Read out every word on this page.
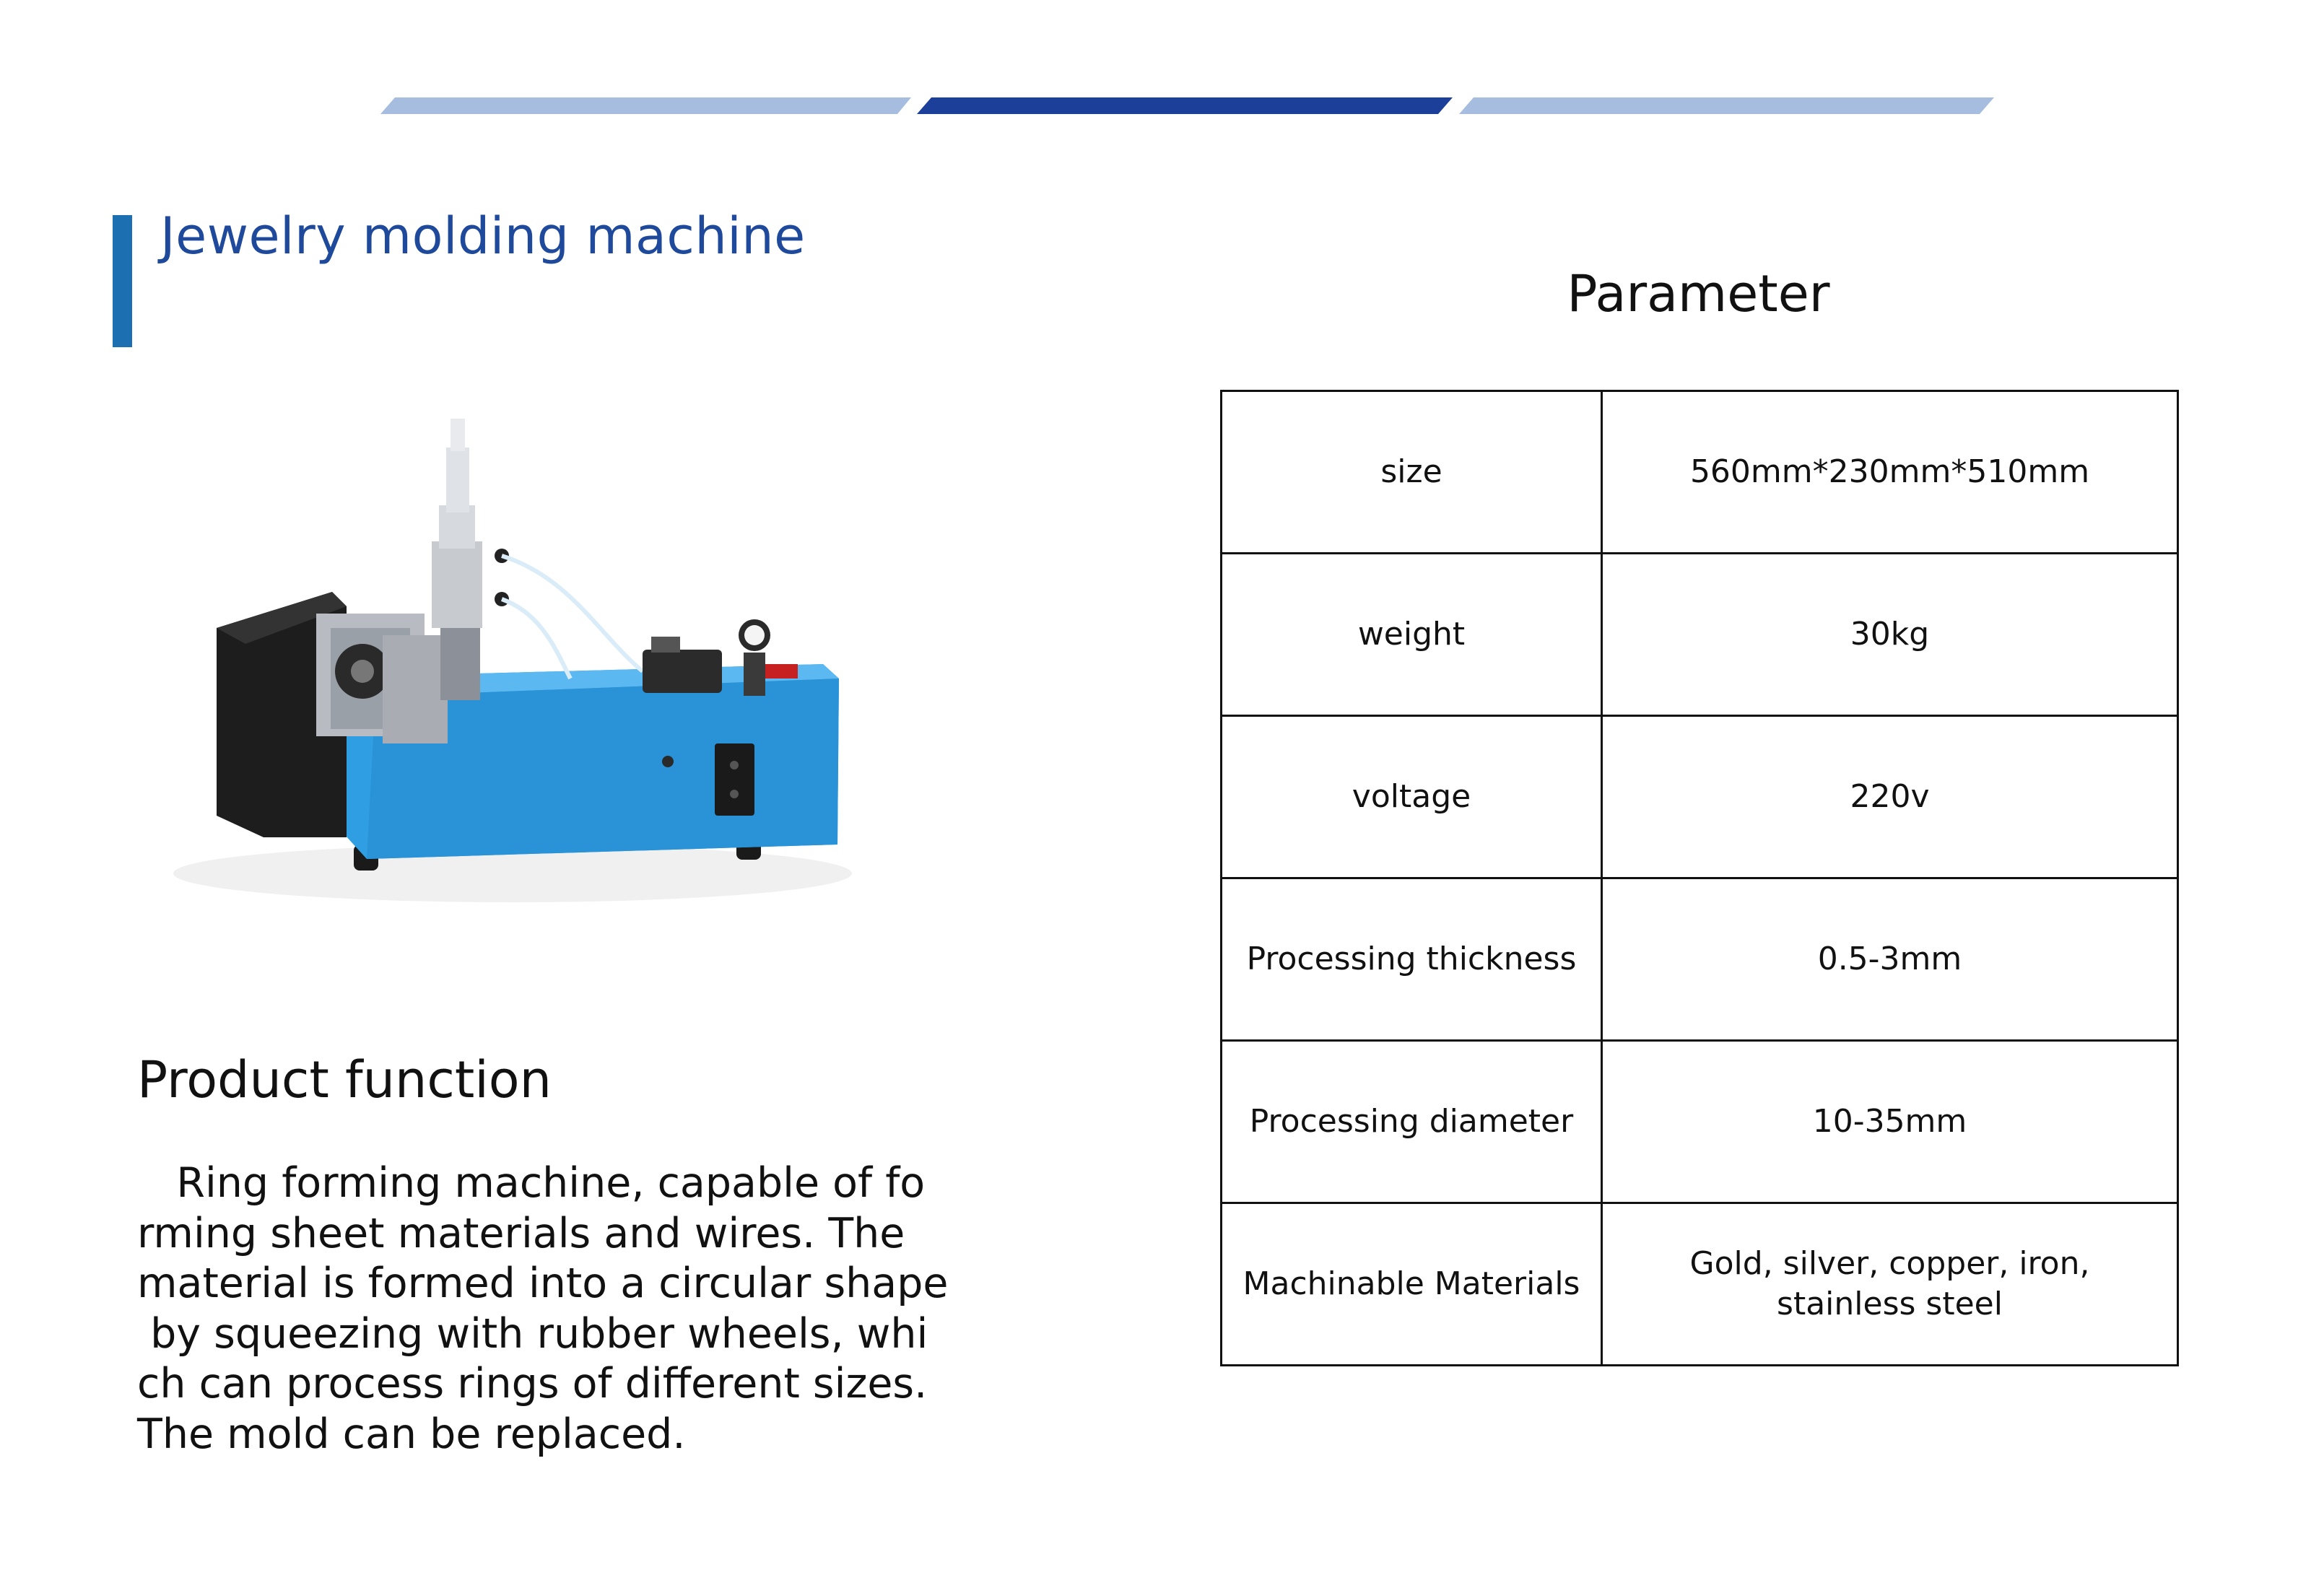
Jewelry molding machine
Product function
Ring forming machine, capable of fo
rming sheet materials and wires. The
material is formed into a circular shape
by squeezing with rubber wheels, whi
ch can process rings of different sizes.
The mold can be replaced.
Parameter
size	560mm*230mm*510mm
weight	30kg
voltage	220v
Processing thickness	0.5-3mm
Processing diameter	10-35mm
Machinable Materials	Gold, silver, copper, iron, stainless steel
